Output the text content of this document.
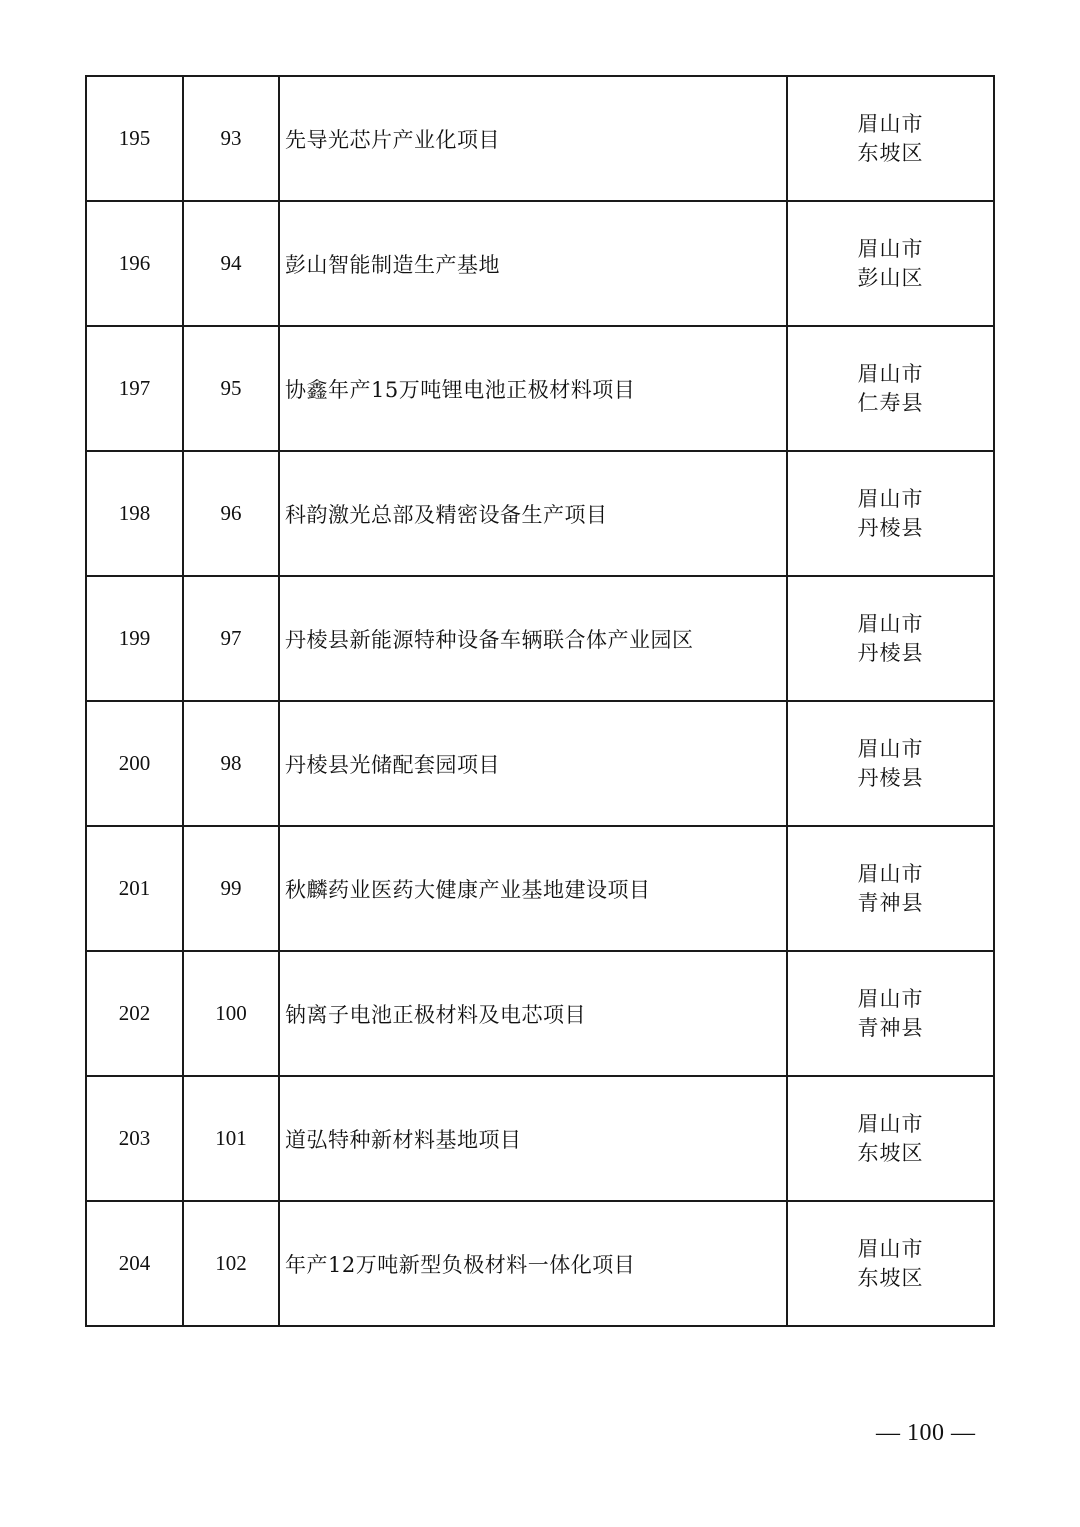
195	93	先导光芯片产业化项目	眉山市
东坡区

196	94	彭山智能制造生产基地	眉山市
彭山区

197	95	协鑫年产15万吨锂电池正极材料项目	眉山市
仁寿县

198	96	科韵激光总部及精密设备生产项目	眉山市
丹棱县

199	97	丹棱县新能源特种设备车辆联合体产业园区	眉山市
丹棱县

200	98	丹棱县光储配套园项目	眉山市
丹棱县

201	99	秋麟药业医药大健康产业基地建设项目	眉山市
青神县

202	100	钠离子电池正极材料及电芯项目	眉山市
青神县

203	101	道弘特种新材料基地项目	眉山市
东坡区

204	102	年产12万吨新型负极材料一体化项目	眉山市
东坡区
— 100 —
